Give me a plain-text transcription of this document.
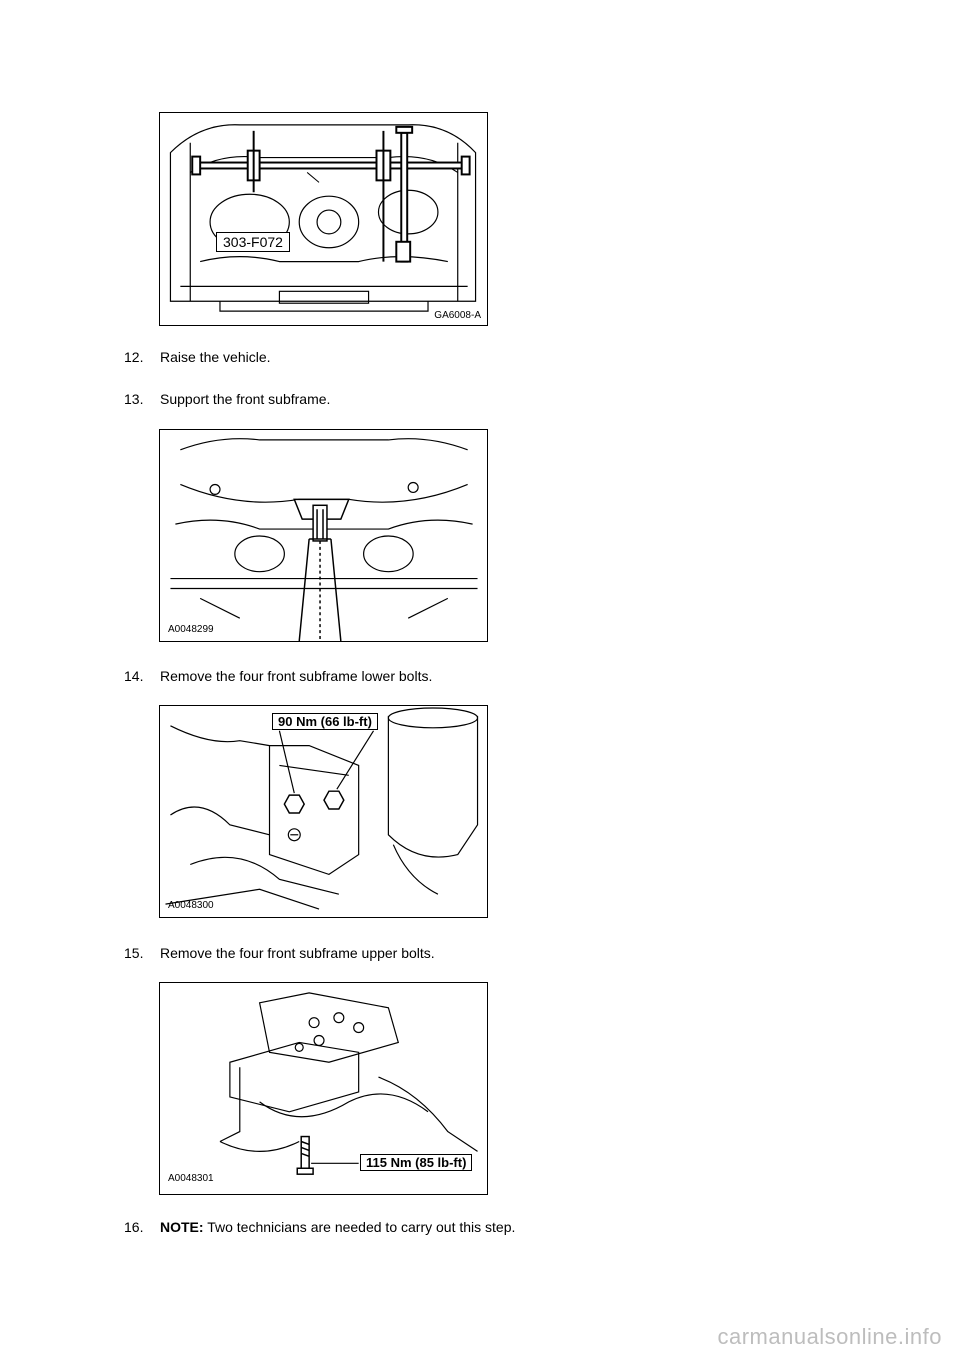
303-F072
GA6008-A
12. Raise the vehicle.
13. Support the front subframe.
A0048299
14. Remove the four front subframe lower bolts.
90 Nm (66 lb-ft)
A0048300
15. Remove the four front subframe upper bolts.
115 Nm (85 lb-ft)
A0048301
16. NOTE: Two technicians are needed to carry out this step.
carmanualsonline.info
